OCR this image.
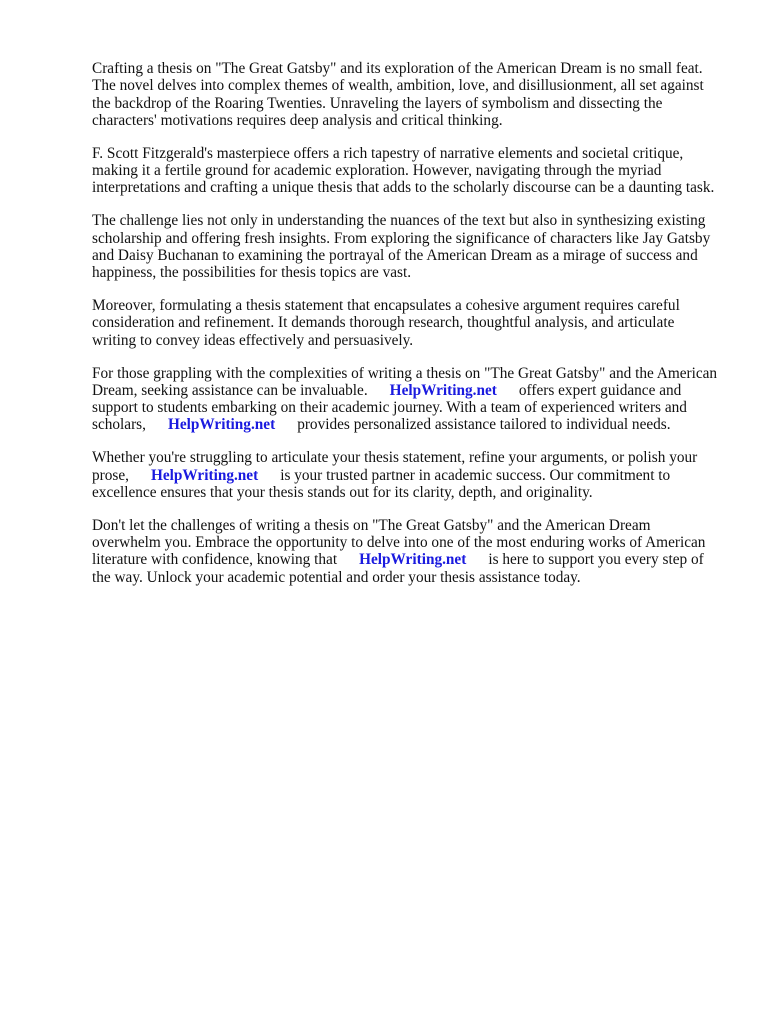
Crafting a thesis on "The Great Gatsby" and its exploration of the American Dream is no small feat. The novel delves into complex themes of wealth, ambition, love, and disillusionment, all set against the backdrop of the Roaring Twenties. Unraveling the layers of symbolism and dissecting the characters' motivations requires deep analysis and critical thinking.

F. Scott Fitzgerald's masterpiece offers a rich tapestry of narrative elements and societal critique, making it a fertile ground for academic exploration. However, navigating through the myriad interpretations and crafting a unique thesis that adds to the scholarly discourse can be a daunting task.

The challenge lies not only in understanding the nuances of the text but also in synthesizing existing scholarship and offering fresh insights. From exploring the significance of characters like Jay Gatsby and Daisy Buchanan to examining the portrayal of the American Dream as a mirage of success and happiness, the possibilities for thesis topics are vast.

Moreover, formulating a thesis statement that encapsulates a cohesive argument requires careful consideration and refinement. It demands thorough research, thoughtful analysis, and articulate writing to convey ideas effectively and persuasively.

For those grappling with the complexities of writing a thesis on "The Great Gatsby" and the American Dream, seeking assistance can be invaluable. HelpWriting.net offers expert guidance and support to students embarking on their academic journey. With a team of experienced writers and scholars, HelpWriting.net provides personalized assistance tailored to individual needs.

Whether you're struggling to articulate your thesis statement, refine your arguments, or polish your prose, HelpWriting.net is your trusted partner in academic success. Our commitment to excellence ensures that your thesis stands out for its clarity, depth, and originality.

Don't let the challenges of writing a thesis on "The Great Gatsby" and the American Dream overwhelm you. Embrace the opportunity to delve into one of the most enduring works of American literature with confidence, knowing that HelpWriting.net is here to support you every step of the way. Unlock your academic potential and order your thesis assistance today.
